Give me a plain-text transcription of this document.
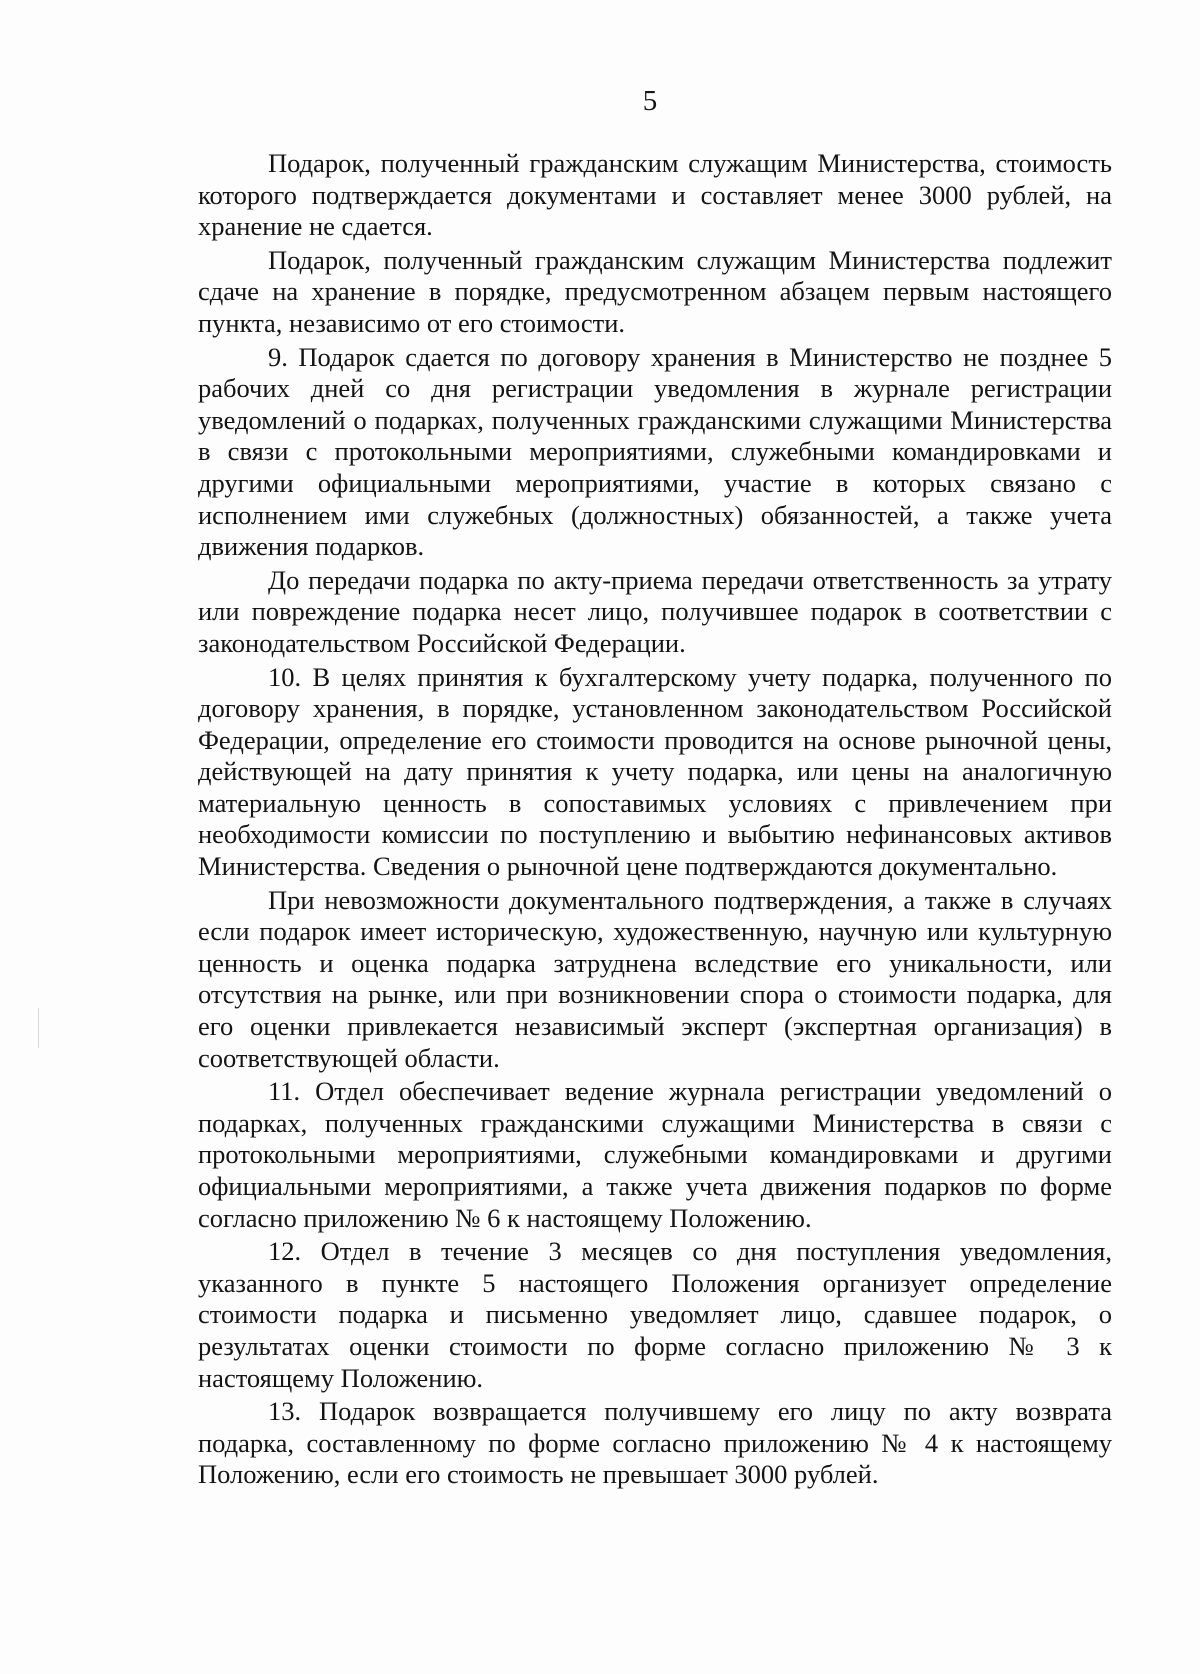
5

Подарок, полученный гражданским служащим Министерства, стоимость которого подтверждается документами и составляет менее 3000 рублей, на хранение не сдается.

Подарок, полученный гражданским служащим Министерства подлежит сдаче на хранение в порядке, предусмотренном абзацем первым настоящего пункта, независимо от его стоимости.

9. Подарок сдается по договору хранения в Министерство не позднее 5 рабочих дней со дня регистрации уведомления в журнале регистрации уведомлений о подарках, полученных гражданскими служащими Министерства в связи с протокольными мероприятиями, служебными командировками и другими официальными мероприятиями, участие в которых связано с исполнением ими служебных (должностных) обязанностей, а также учета движения подарков.

До передачи подарка по акту-приема передачи ответственность за утрату или повреждение подарка несет лицо, получившее подарок в соответствии с законодательством Российской Федерации.

10. В целях принятия к бухгалтерскому учету подарка, полученного по договору хранения, в порядке, установленном законодательством Российской Федерации, определение его стоимости проводится на основе рыночной цены, действующей на дату принятия к учету подарка, или цены на аналогичную материальную ценность в сопоставимых условиях с привлечением при необходимости комиссии по поступлению и выбытию нефинансовых активов Министерства. Сведения о рыночной цене подтверждаются документально.

При невозможности документального подтверждения, а также в случаях если подарок имеет историческую, художественную, научную или культурную ценность и оценка подарка затруднена вследствие его уникальности, или отсутствия на рынке, или при возникновении спора о стоимости подарка, для его оценки привлекается независимый эксперт (экспертная организация) в соответствующей области.

11. Отдел обеспечивает ведение журнала регистрации уведомлений о подарках, полученных гражданскими служащими Министерства в связи с протокольными мероприятиями, служебными командировками и другими официальными мероприятиями, а также учета движения подарков по форме согласно приложению № 6 к настоящему Положению.

12. Отдел в течение 3 месяцев со дня поступления уведомления, указанного в пункте 5 настоящего Положения организует определение стоимости подарка и письменно уведомляет лицо, сдавшее подарок, о результатах оценки стоимости по форме согласно приложению № 3 к настоящему Положению.

13. Подарок возвращается получившему его лицу по акту возврата подарка, составленному по форме согласно приложению № 4 к настоящему Положению, если его стоимость не превышает 3000 рублей.
